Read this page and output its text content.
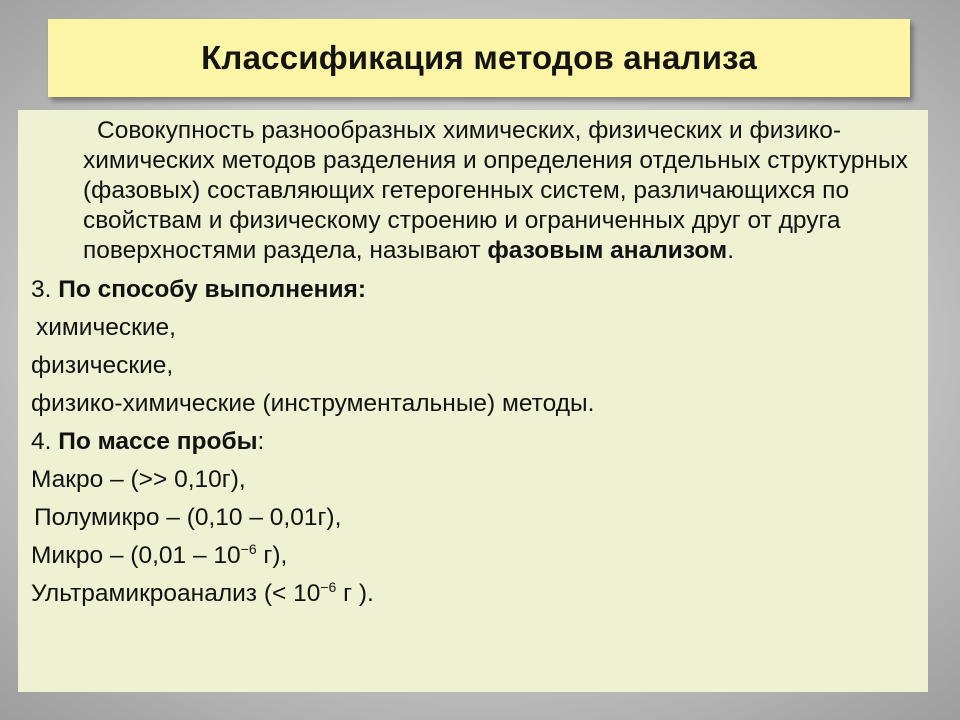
Классификация методов анализа

Совокупность разнообразных химических, физических и физико-химических методов разделения и определения отдельных структурных (фазовых) составляющих гетерогенных систем, различающихся по свойствам и физическому строению и ограниченных друг от друга поверхностями раздела, называют фазовым анализом.

3. По способу выполнения:

химические,

физические,

физико-химические (инструментальные) методы.

4. По массе пробы:

Макро – (>> 0,10г),

Полумикро – (0,10 – 0,01г),

Микро – ($0,01 - 10^{-6}$ г),

Ультрамикроанализ (< $10^{-6}$ г ).
